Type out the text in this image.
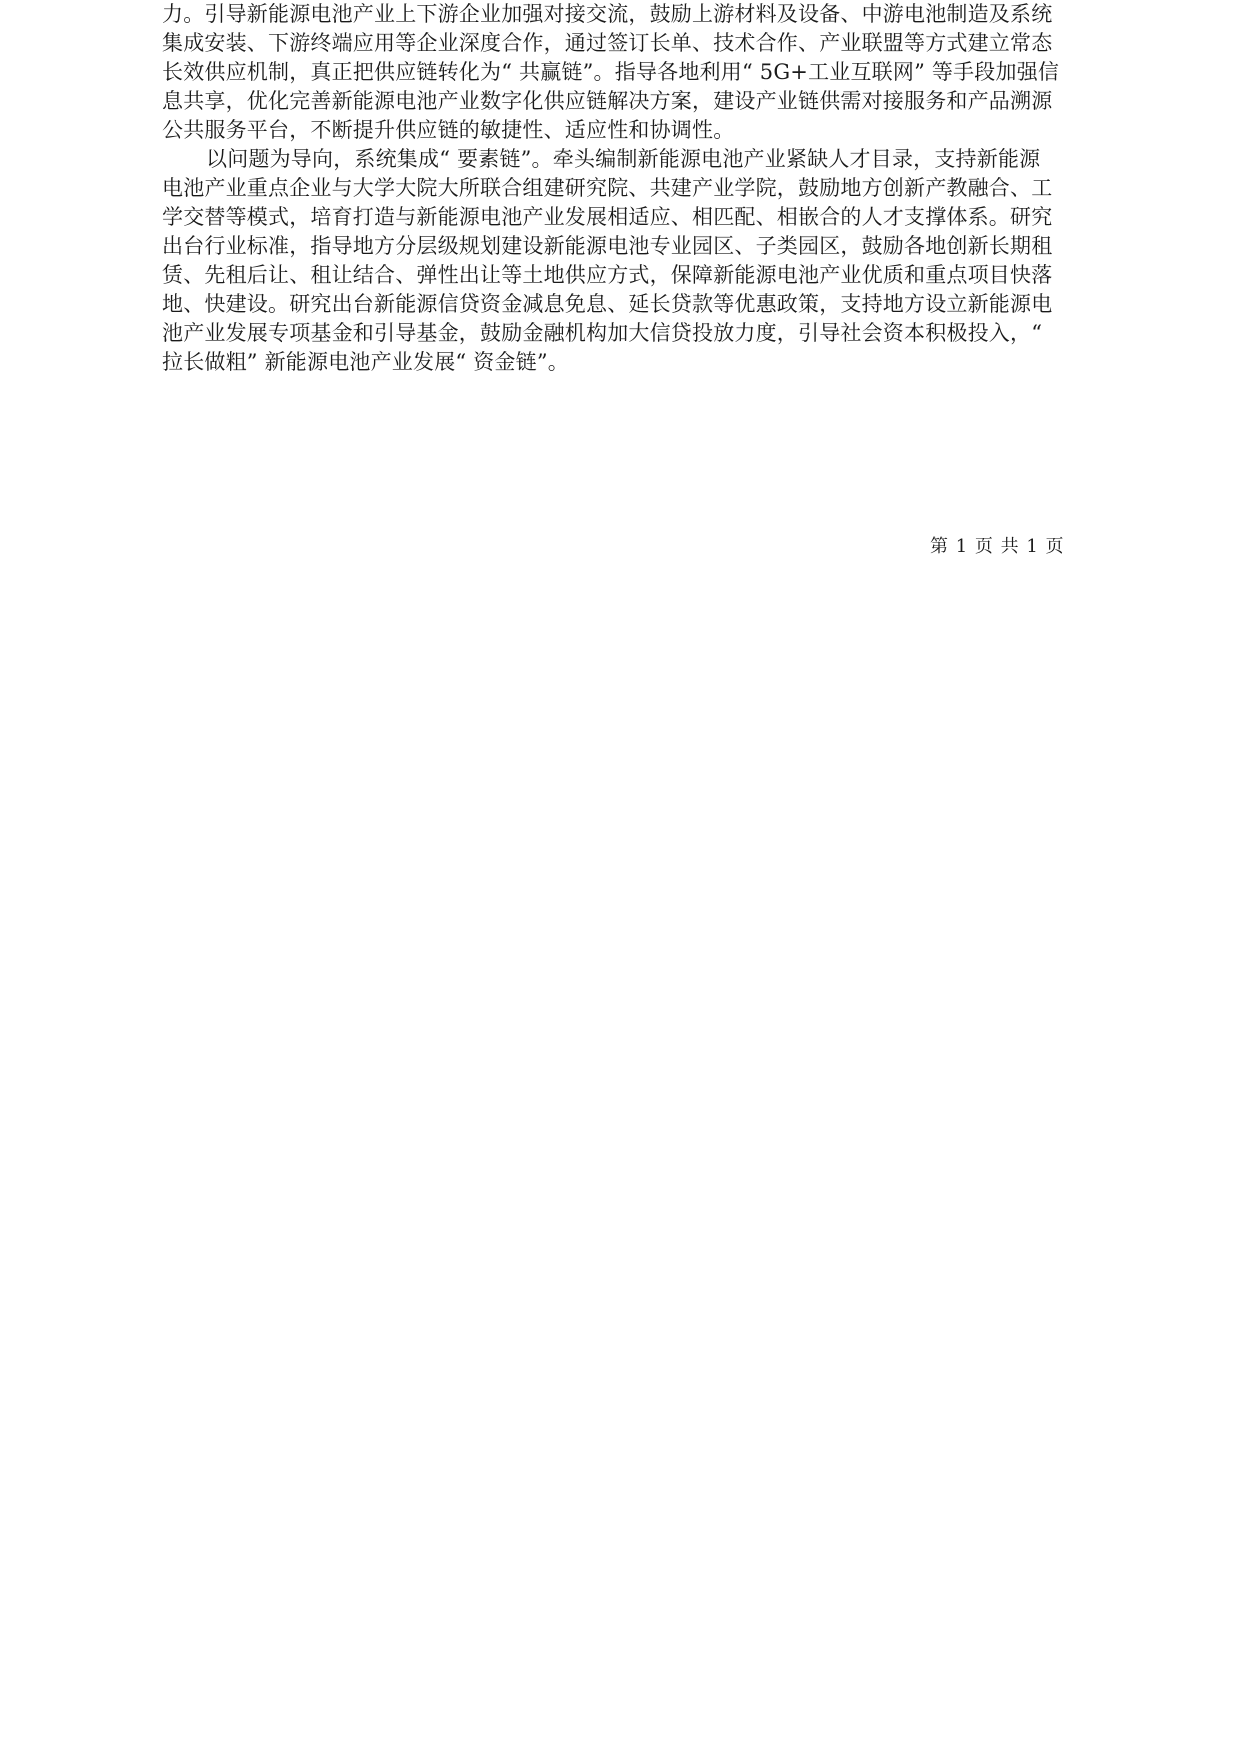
力。引导新能源电池产业上下游企业加强对接交流，鼓励上游材料及设备、中游电池制造及系统
集成安装、下游终端应用等企业深度合作，通过签订长单、技术合作、产业联盟等方式建立常态
长效供应机制，真正把供应链转化为“ 共赢链”。指导各地利用“ 5G+工业互联网” 等手段加强信
息共享，优化完善新能源电池产业数字化供应链解决方案，建设产业链供需对接服务和产品溯源
公共服务平台，不断提升供应链的敏捷性、适应性和协调性。
以问题为导向，系统集成“ 要素链”。牵头编制新能源电池产业紧缺人才目录，支持新能源
电池产业重点企业与大学大院大所联合组建研究院、共建产业学院，鼓励地方创新产教融合、工
学交替等模式，培育打造与新能源电池产业发展相适应、相匹配、相嵌合的人才支撑体系。研究
出台行业标准，指导地方分层级规划建设新能源电池专业园区、子类园区，鼓励各地创新长期租
赁、先租后让、租让结合、弹性出让等土地供应方式，保障新能源电池产业优质和重点项目快落
地、快建设。研究出台新能源信贷资金减息免息、延长贷款等优惠政策，支持地方设立新能源电
池产业发展专项基金和引导基金，鼓励金融机构加大信贷投放力度，引导社会资本积极投入，“
拉长做粗” 新能源电池产业发展“ 资金链”。
第 1 页 共 1 页
